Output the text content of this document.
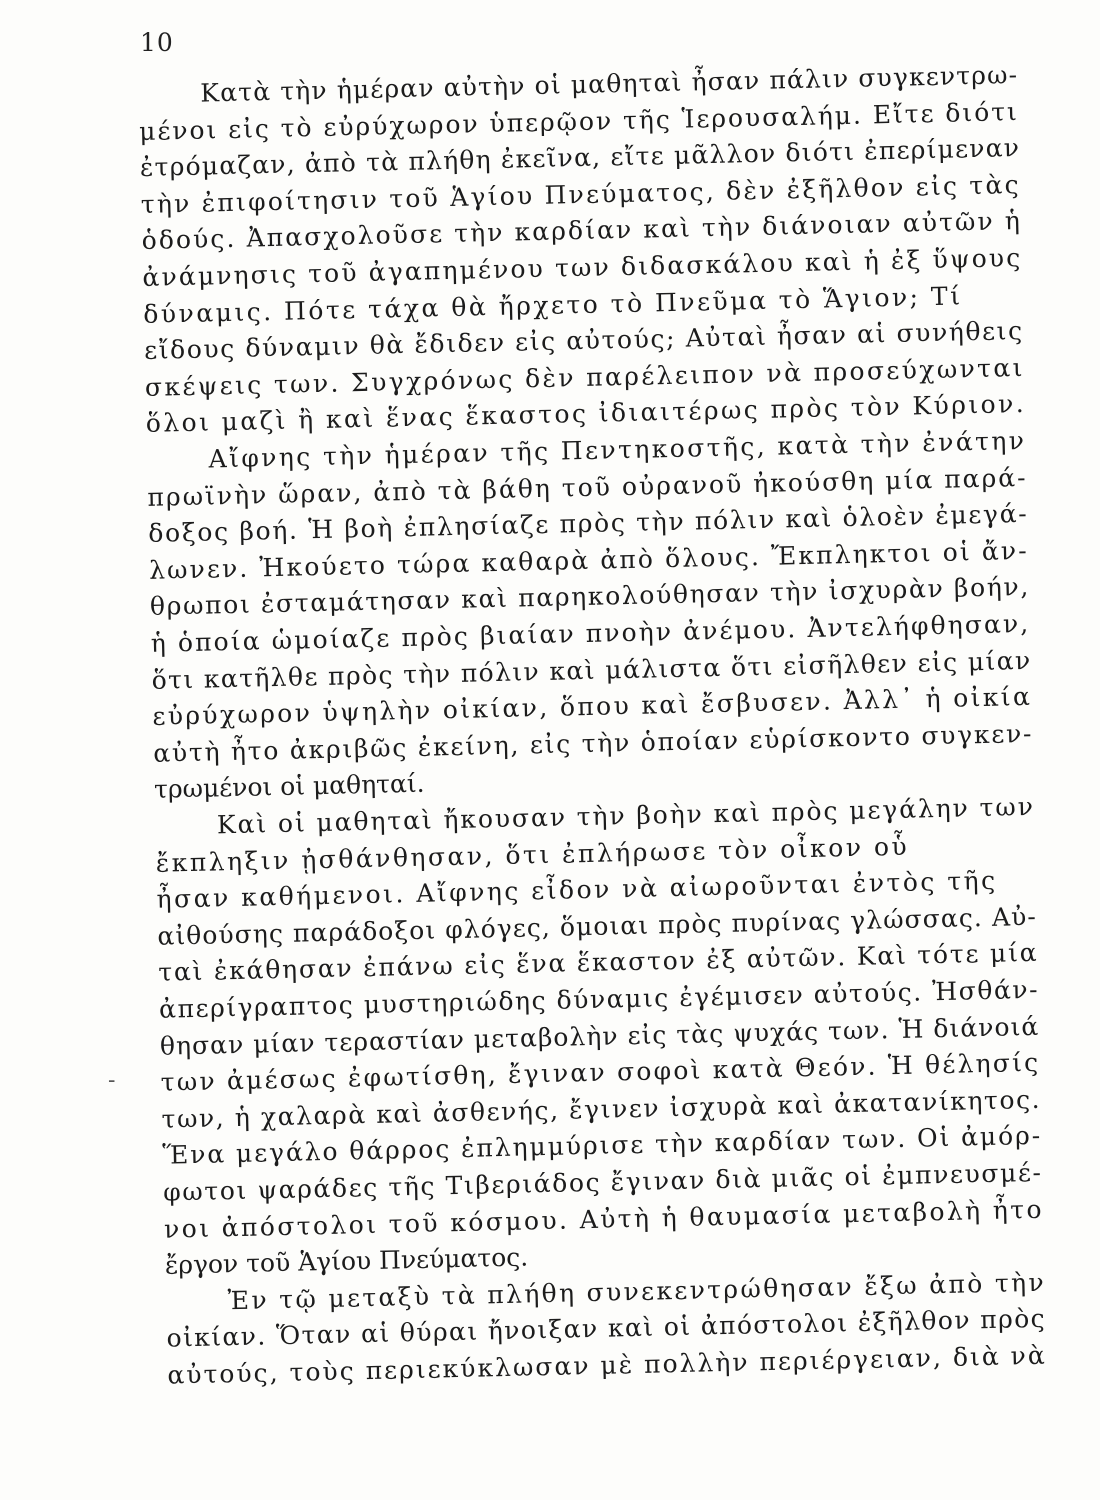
10
Κατὰ τὴν ἡμέραν αὐτὴν οἱ μαθηταὶ ἦσαν πάλιν συγκεντρω-
μένοι εἰς τὸ εὐρύχωρον ὑπερῷον τῆς Ἱερουσαλήμ. Εἴτε διότι
ἐτρόμαζαν, ἀπὸ τὰ πλήθη ἐκεῖνα, εἴτε μᾶλλον διότι ἐπερίμεναν
τὴν ἐπιφοίτησιν τοῦ Ἁγίου Πνεύματος, δὲν ἐξῆλθον εἰς τὰς
ὁδούς. Ἀπασχολοῦσε τὴν καρδίαν καὶ τὴν διάνοιαν αὐτῶν ἡ
ἀνάμνησις τοῦ ἀγαπημένου των διδασκάλου καὶ ἡ ἐξ ὕψους
δύναμις. Πότε τάχα θὰ ἤρχετο τὸ Πνεῦμα τὸ Ἅγιον; Τί
εἴδους δύναμιν θὰ ἔδιδεν εἰς αὐτούς; Αὐταὶ ἦσαν αἱ συνήθεις
σκέψεις των. Συγχρόνως δὲν παρέλειπον νὰ προσεύχωνται
ὅλοι μαζὶ ἢ καὶ ἕνας ἕκαστος ἰδιαιτέρως πρὸς τὸν Κύριον.
Αἴφνης τὴν ἡμέραν τῆς Πεντηκοστῆς, κατὰ τὴν ἐνάτην
πρωϊνὴν ὥραν, ἀπὸ τὰ βάθη τοῦ οὐρανοῦ ἠκούσθη μία παρά-
δοξος βοή. Ἡ βοὴ ἐπλησίαζε πρὸς τὴν πόλιν καὶ ὁλοὲν ἐμεγά-
λωνεν. Ἠκούετο τώρα καθαρὰ ἀπὸ ὅλους. Ἔκπληκτοι οἱ ἄν-
θρωποι ἐσταμάτησαν καὶ παρηκολούθησαν τὴν ἰσχυρὰν βοήν,
ἡ ὁποία ὡμοίαζε πρὸς βιαίαν πνοὴν ἀνέμου. Ἀντελήφθησαν,
ὅτι κατῆλθε πρὸς τὴν πόλιν καὶ μάλιστα ὅτι εἰσῆλθεν εἰς μίαν
εὐρύχωρον ὑψηλὴν οἰκίαν, ὅπου καὶ ἔσβυσεν. Ἀλλ᾽ ἡ οἰκία
αὐτὴ ἦτο ἀκριβῶς ἐκείνη, εἰς τὴν ὁποίαν εὑρίσκοντο συγκεν-
τρωμένοι οἱ μαθηταί.
Καὶ οἱ μαθηταὶ ἤκουσαν τὴν βοὴν καὶ πρὸς μεγάλην των
ἔκπληξιν ᾐσθάνθησαν, ὅτι ἐπλήρωσε τὸν οἶκον οὗ
ἦσαν καθήμενοι. Αἴφνης εἶδον νὰ αἰωροῦνται ἐντὸς τῆς
αἰθούσης παράδοξοι φλόγες, ὅμοιαι πρὸς πυρίνας γλώσσας. Αὐ-
ταὶ ἐκάθησαν ἐπάνω εἰς ἕνα ἕκαστον ἐξ αὐτῶν. Καὶ τότε μία
ἀπερίγραπτος μυστηριώδης δύναμις ἐγέμισεν αὐτούς. Ἠσθάν-
θησαν μίαν τεραστίαν μεταβολὴν εἰς τὰς ψυχάς των. Ἡ διάνοιά
των ἀμέσως ἐφωτίσθη, ἔγιναν σοφοὶ κατὰ Θεόν. Ἡ θέλησίς
των, ἡ χαλαρὰ καὶ ἀσθενής, ἔγινεν ἰσχυρὰ καὶ ἀκατανίκητος.
Ἕνα μεγάλο θάρρος ἐπλημμύρισε τὴν καρδίαν των. Οἱ ἀμόρ-
φωτοι ψαράδες τῆς Τιβεριάδος ἔγιναν διὰ μιᾶς οἱ ἐμπνευσμέ-
νοι ἀπόστολοι τοῦ κόσμου. Αὐτὴ ἡ θαυμασία μεταβολὴ ἦτο
ἔργον τοῦ Ἁγίου Πνεύματος.
Ἐν τῷ μεταξὺ τὰ πλήθη συνεκεντρώθησαν ἔξω ἀπὸ τὴν
οἰκίαν. Ὅταν αἱ θύραι ἤνοιξαν καὶ οἱ ἀπόστολοι ἐξῆλθον πρὸς
αὐτούς, τοὺς περιεκύκλωσαν μὲ πολλὴν περιέργειαν, διὰ νὰ
-
